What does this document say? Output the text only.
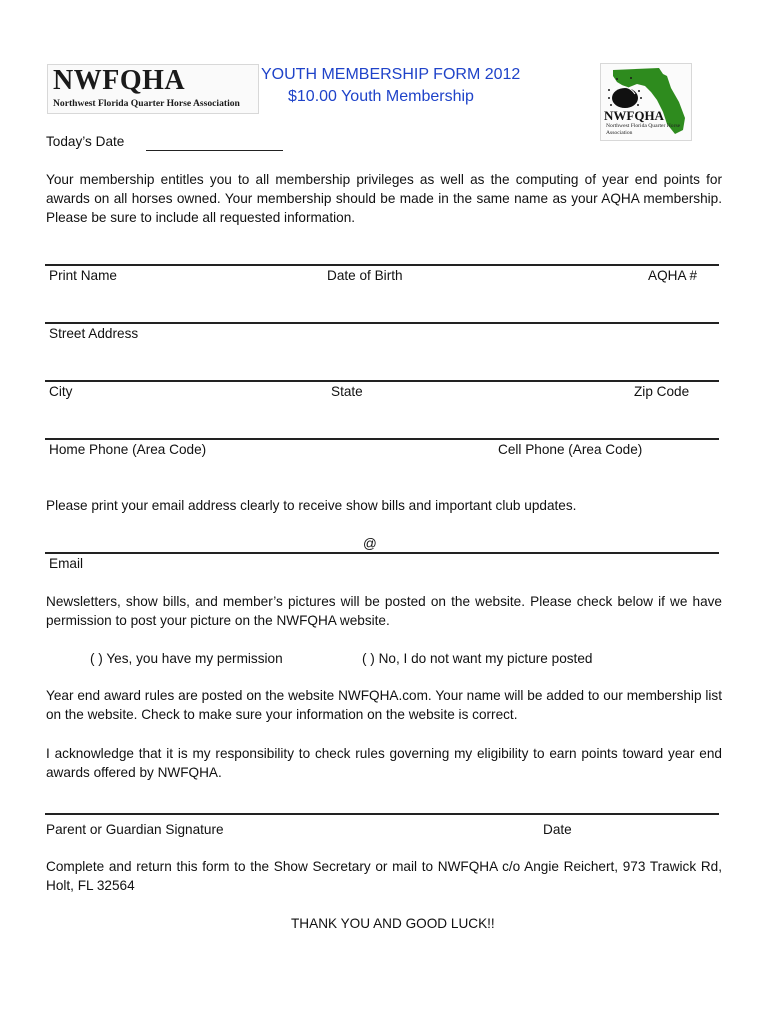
NWFQHA
Northwest Florida Quarter Horse Association
YOUTH MEMBERSHIP FORM 2012
$10.00 Youth Membership
NWFQHA
Northwest Florida Quarter Horse Association
Today’s Date
Your membership entitles you to all membership privileges as well as the computing of year end points for awards on all horses owned. Your membership should be made in the same name as your AQHA membership. Please be sure to include all requested information.
Print Name	Date of Birth	AQHA #
Street Address
City	State	Zip Code
Home Phone (Area Code)	Cell Phone (Area Code)
Please print your email address clearly to receive show bills and important club updates.
@
Email
Newsletters, show bills, and member’s pictures will be posted on the website. Please check below if we have permission to post your picture on the NWFQHA website.
( ) Yes, you have my permission	( ) No, I do not want my picture posted
Year end award rules are posted on the website NWFQHA.com. Your name will be added to our membership list on the website. Check to make sure your information on the website is correct.
I acknowledge that it is my responsibility to check rules governing my eligibility to earn points toward year end awards offered by NWFQHA.
Parent or Guardian Signature	Date
Complete and return this form to the Show Secretary or mail to NWFQHA c/o Angie Reichert, 973 Trawick Rd, Holt, FL 32564
THANK YOU AND GOOD LUCK!!
